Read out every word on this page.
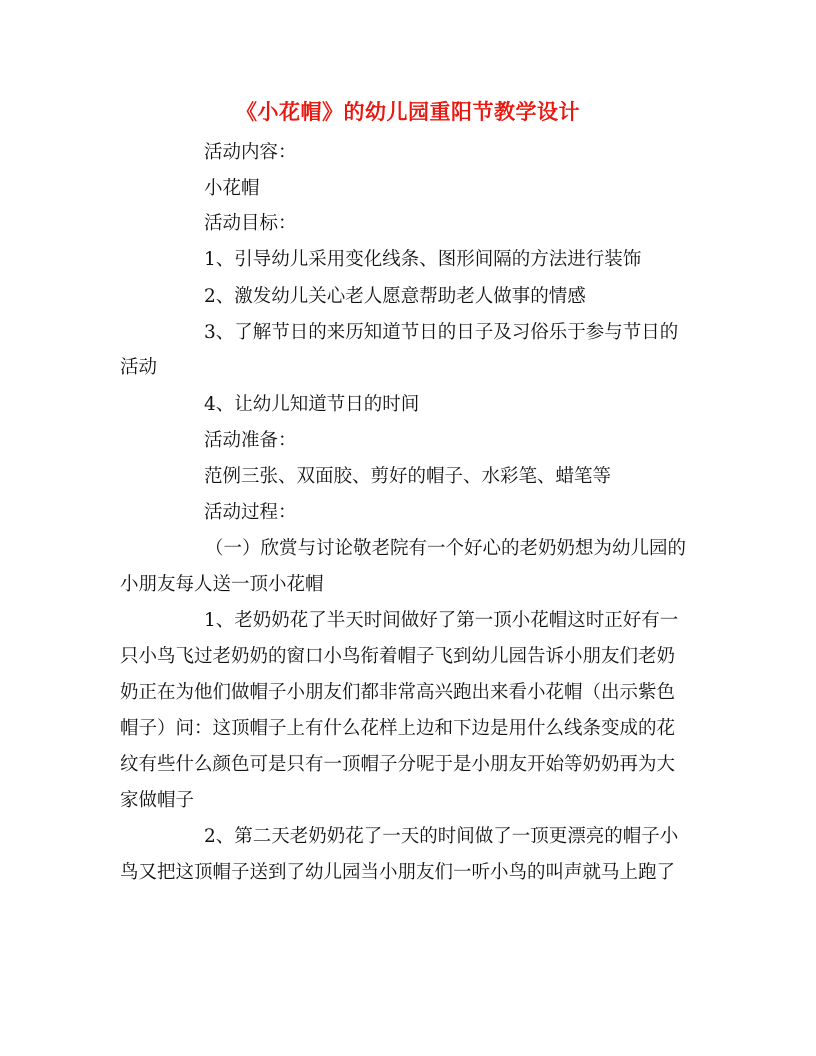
《小花帽》的幼儿园重阳节教学设计

活动内容：

小花帽

活动目标：

1、引导幼儿采用变化线条、图形间隔的方法进行装饰

2、激发幼儿关心老人愿意帮助老人做事的情感

3、了解节日的来历知道节日的日子及习俗乐于参与节日的

活动

4、让幼儿知道节日的时间

活动准备：

范例三张、双面胶、剪好的帽子、水彩笔、蜡笔等

活动过程：

（一）欣赏与讨论敬老院有一个好心的老奶奶想为幼儿园的

小朋友每人送一顶小花帽

1、老奶奶花了半天时间做好了第一顶小花帽这时正好有一

只小鸟飞过老奶奶的窗口小鸟衔着帽子飞到幼儿园告诉小朋友们老奶

奶正在为他们做帽子小朋友们都非常高兴跑出来看小花帽（出示紫色

帽子）问：这顶帽子上有什么花样上边和下边是用什么线条变成的花

纹有些什么颜色可是只有一顶帽子分呢于是小朋友开始等奶奶再为大

家做帽子

2、第二天老奶奶花了一天的时间做了一顶更漂亮的帽子小

鸟又把这顶帽子送到了幼儿园当小朋友们一听小鸟的叫声就马上跑了
